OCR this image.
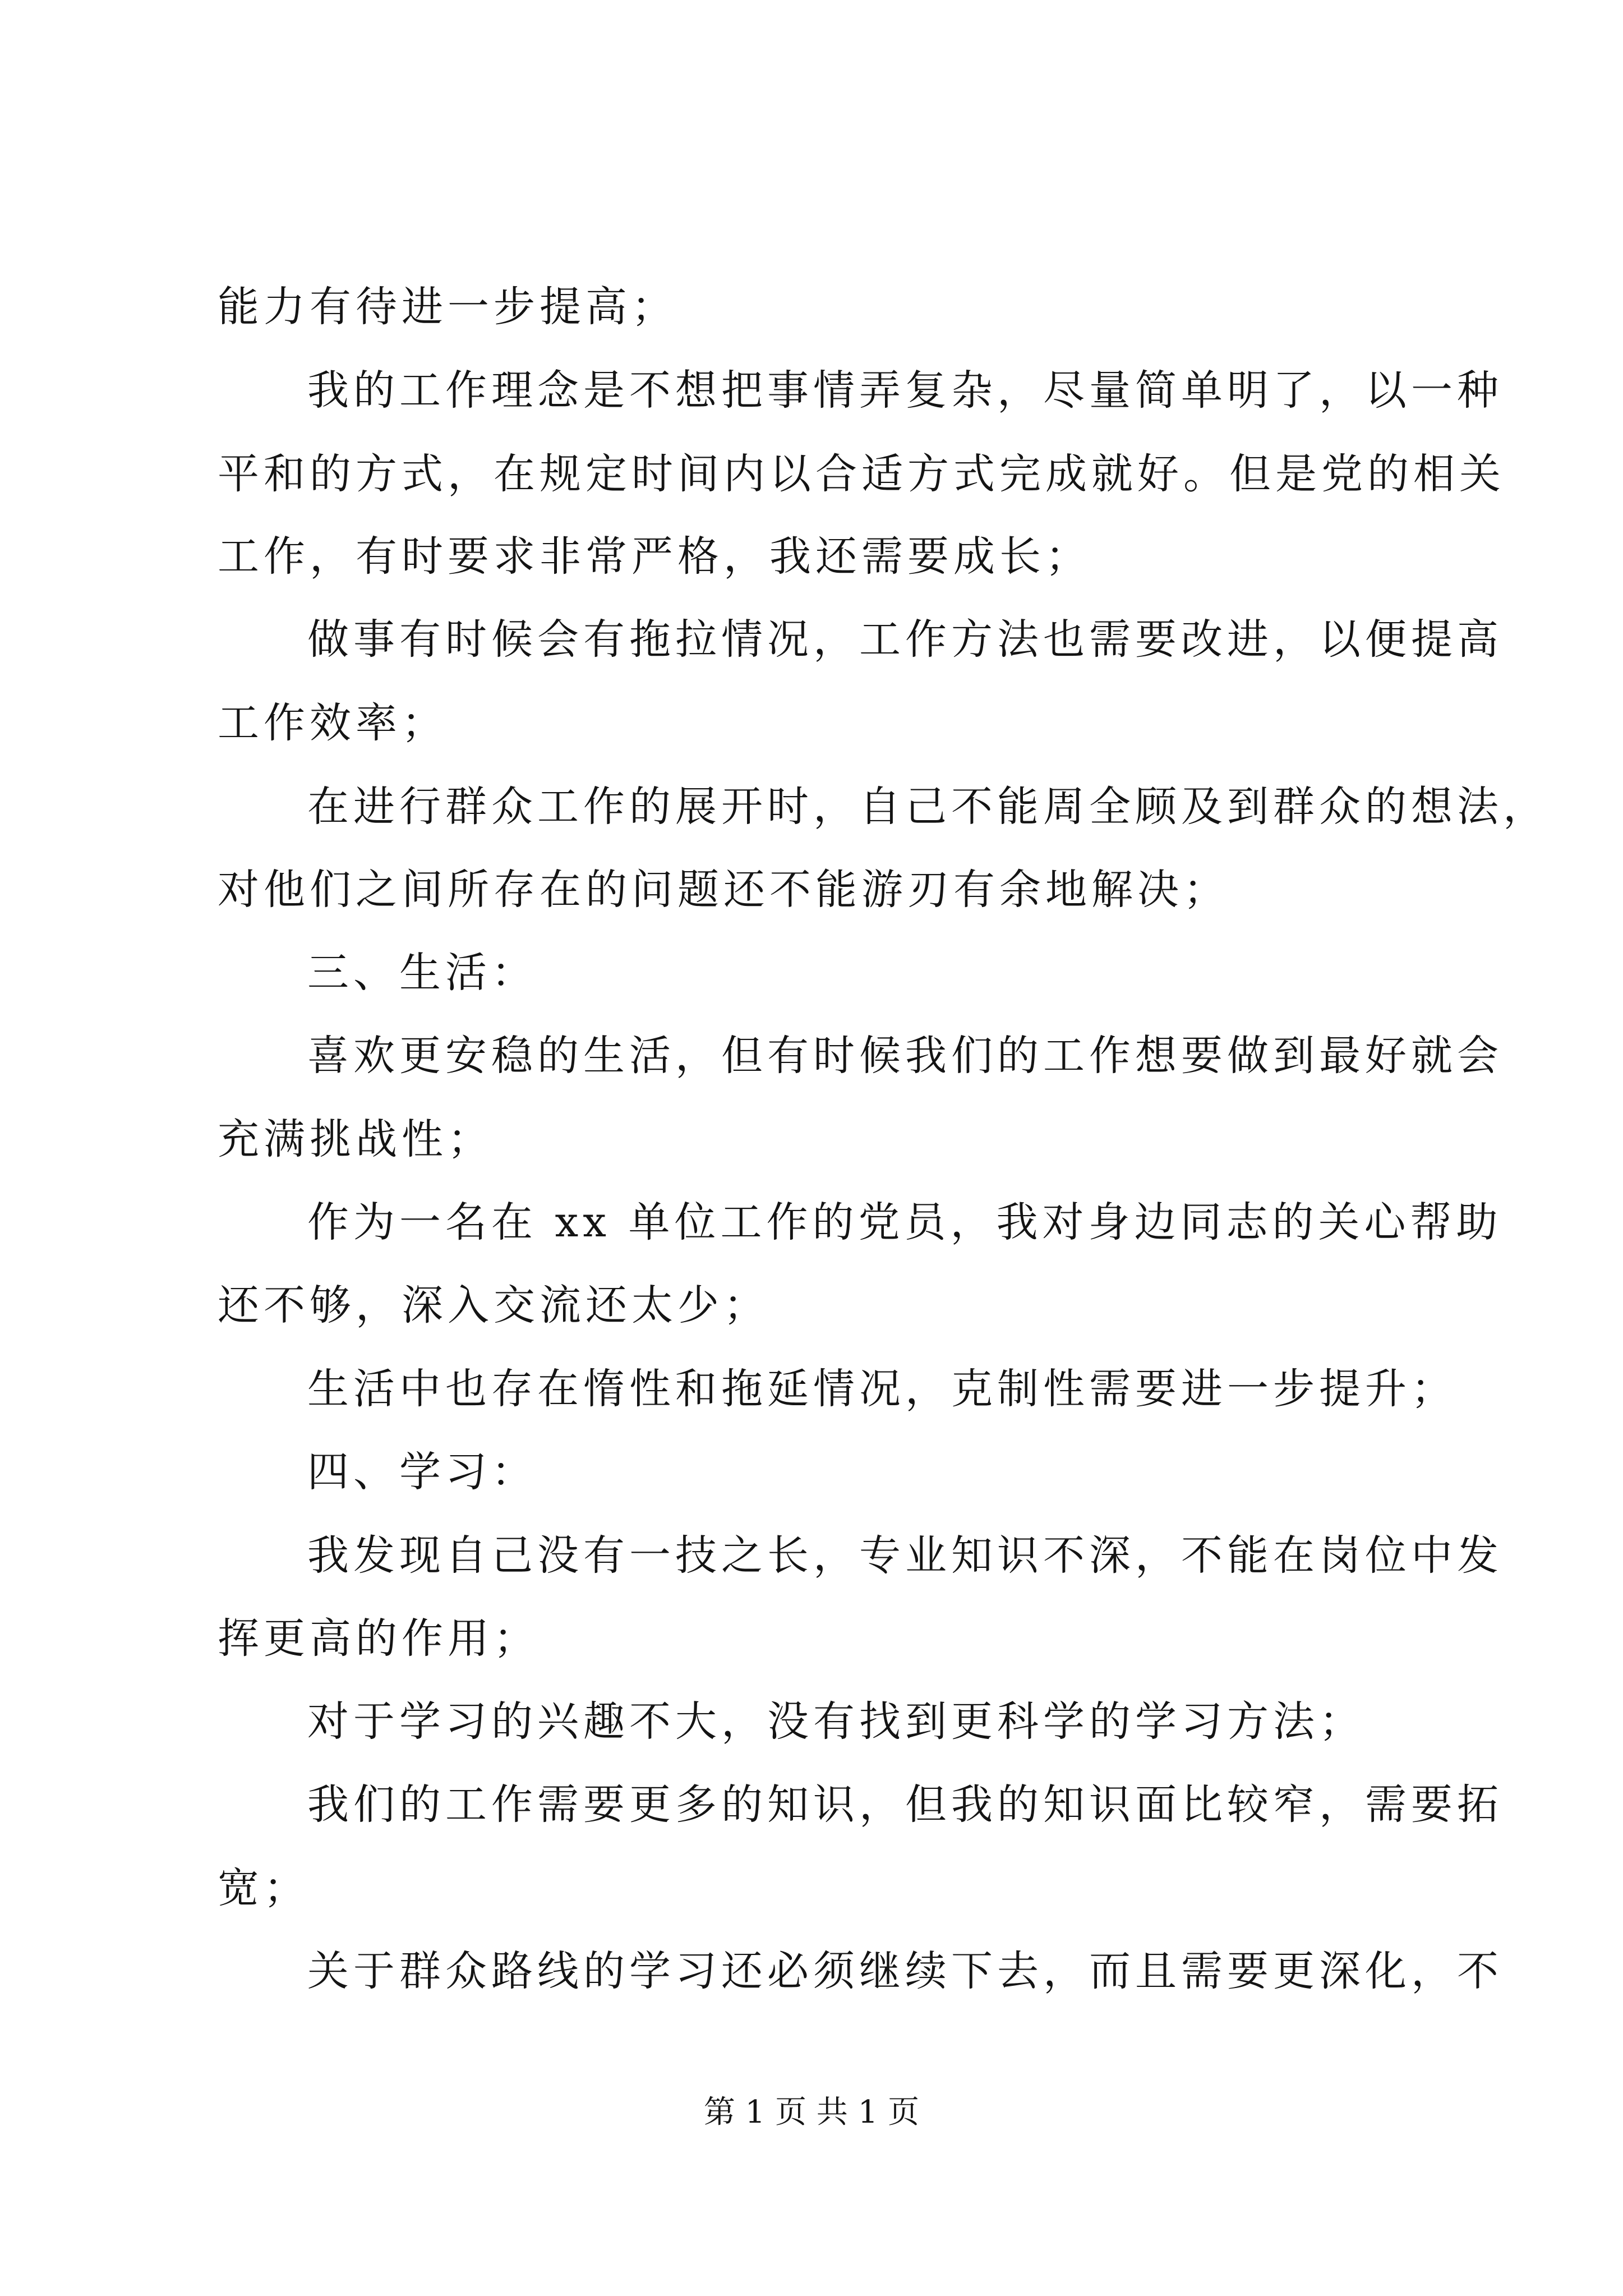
能力有待进一步提高；

我的工作理念是不想把事情弄复杂，尽量简单明了，以一种

平和的方式，在规定时间内以合适方式完成就好。但是党的相关

工作，有时要求非常严格，我还需要成长；

做事有时候会有拖拉情况，工作方法也需要改进，以便提高

工作效率；

在进行群众工作的展开时，自己不能周全顾及到群众的想法，

对他们之间所存在的问题还不能游刃有余地解决；

三、生活：

喜欢更安稳的生活，但有时候我们的工作想要做到最好就会

充满挑战性；

作为一名在 xx 单位工作的党员，我对身边同志的关心帮助

还不够，深入交流还太少；

生活中也存在惰性和拖延情况，克制性需要进一步提升；

四、学习：

我发现自己没有一技之长，专业知识不深，不能在岗位中发

挥更高的作用；

对于学习的兴趣不大，没有找到更科学的学习方法；

我们的工作需要更多的知识，但我的知识面比较窄，需要拓

宽；

关于群众路线的学习还必须继续下去，而且需要更深化，不

第 1 页 共 1 页
